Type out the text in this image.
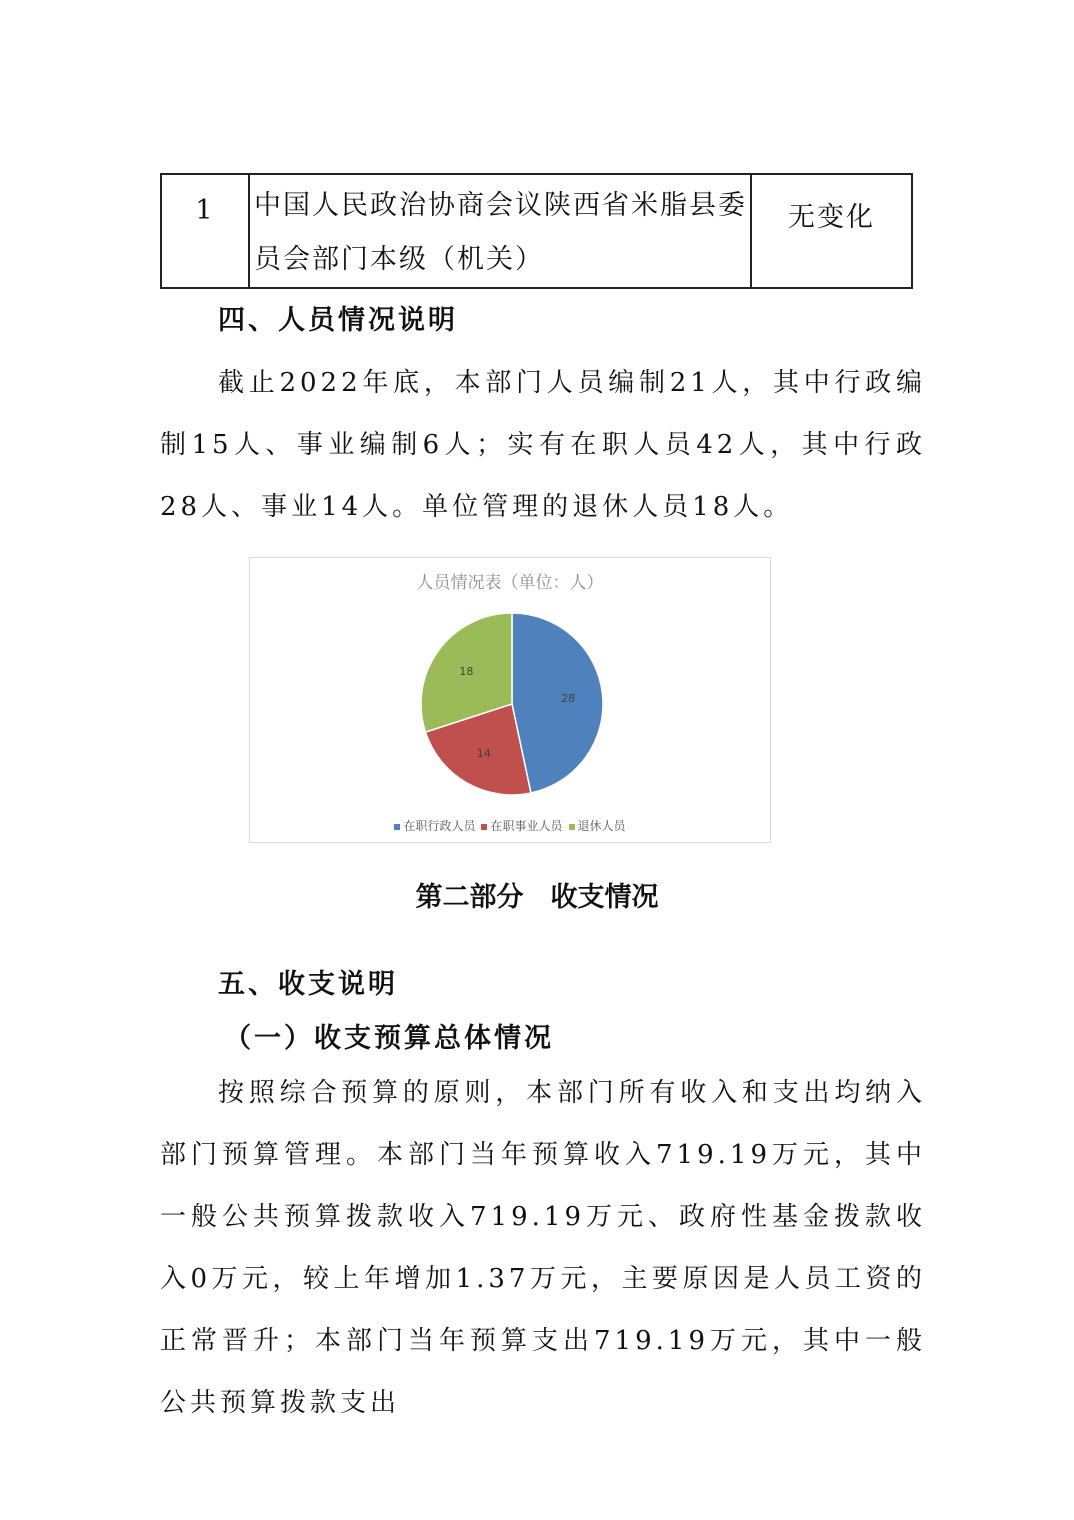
1	中国人民政治协商会议陕西省米脂县委员会部门本级（机关）	无变化
四、人员情况说明
截止2022年底，本部门人员编制21人，其中行政编制15人、事业编制6人；实有在职人员42人，其中行政28人、事业14人。单位管理的退休人员18人。
人员情况表（单位：人）
28
14
18
在职行政人员 在职事业人员 退休人员
第二部分　收支情况
五、收支说明
（一）收支预算总体情况
按照综合预算的原则，本部门所有收入和支出均纳入部门预算管理。本部门当年预算收入719.19万元，其中一般公共预算拨款收入719.19万元、政府性基金拨款收入0万元，较上年增加1.37万元，主要原因是人员工资的正常晋升；本部门当年预算支出719.19万元，其中一般公共预算拨款支出
